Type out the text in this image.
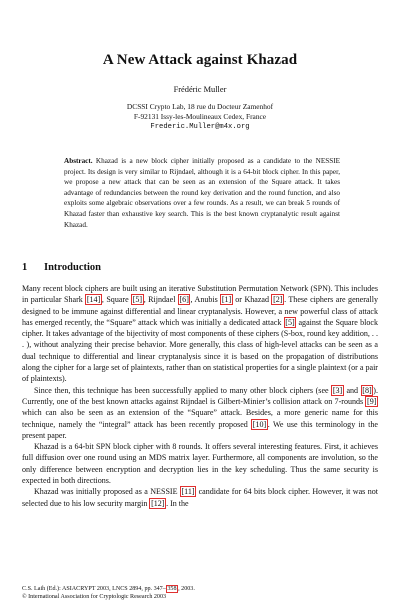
A New Attack against Khazad
Frédéric Muller
DCSSI Crypto Lab, 18 rue du Docteur Zamenhof
F-92131 Issy-les-Moulineaux Cedex, France
Frederic.Muller@m4x.org
Abstract. Khazad is a new block cipher initially proposed as a candidate to the NESSIE project. Its design is very similar to Rijndael, although it is a 64-bit block cipher. In this paper, we propose a new attack that can be seen as an extension of the Square attack. It takes advantage of redundancies between the round key derivation and the round function, and also exploits some algebraic observations over a few rounds. As a result, we can break 5 rounds of Khazad faster than exhaustive key search. This is the best known cryptanalytic result against Khazad.
1 Introduction

Many recent block ciphers are built using an iterative Substitution Permutation Network (SPN). This includes in particular Shark [14] , Square [5] , Rijndael [6] , Anubis [1] or Khazad [2] . These ciphers are generally designed to be immune against differential and linear cryptanalysis. However, a new powerful class of attack has emerged recently, the “Square” attack which was initially a dedicated attack [5] against the Square block cipher. It takes advantage of the bijectivity of most components of these ciphers (S-box, round key addition, . . . ), without analyzing their precise behavior. More generally, this class of high-level attacks can be seen as a dual technique to differential and linear cryptanalysis since it is based on the propagation of distributions along the cipher for a large set of plaintexts, rather than on statistical properties for a single plaintext (or a pair of plaintexts).

Since then, this technique has been successfully applied to many other block ciphers (see [3] and [8] ). Currently, one of the best known attacks against Rijndael is Gilbert-Minier’s collision attack on 7-rounds [9] which can also be seen as an extension of the “Square” attack. Besides, a more generic name for this technique, namely the “integral” attack has been recently proposed [10] . We use this terminology in the present paper.

Khazad is a 64-bit SPN block cipher with 8 rounds. It offers several interesting features. First, it achieves full diffusion over one round using an MDS matrix layer. Furthermore, all components are involution, so the only difference between encryption and decryption lies in the key scheduling. Thus the same security is expected in both directions.

Khazad was initially proposed as a NESSIE [11] candidate for 64 bits block cipher. However, it was not selected due to his low security margin [12] . In the

C.S. Laih (Ed.): ASIACRYPT 2003, LNCS 2894, pp. 347– 358 , 2003.
© International Association for Cryptologic Research 2003
